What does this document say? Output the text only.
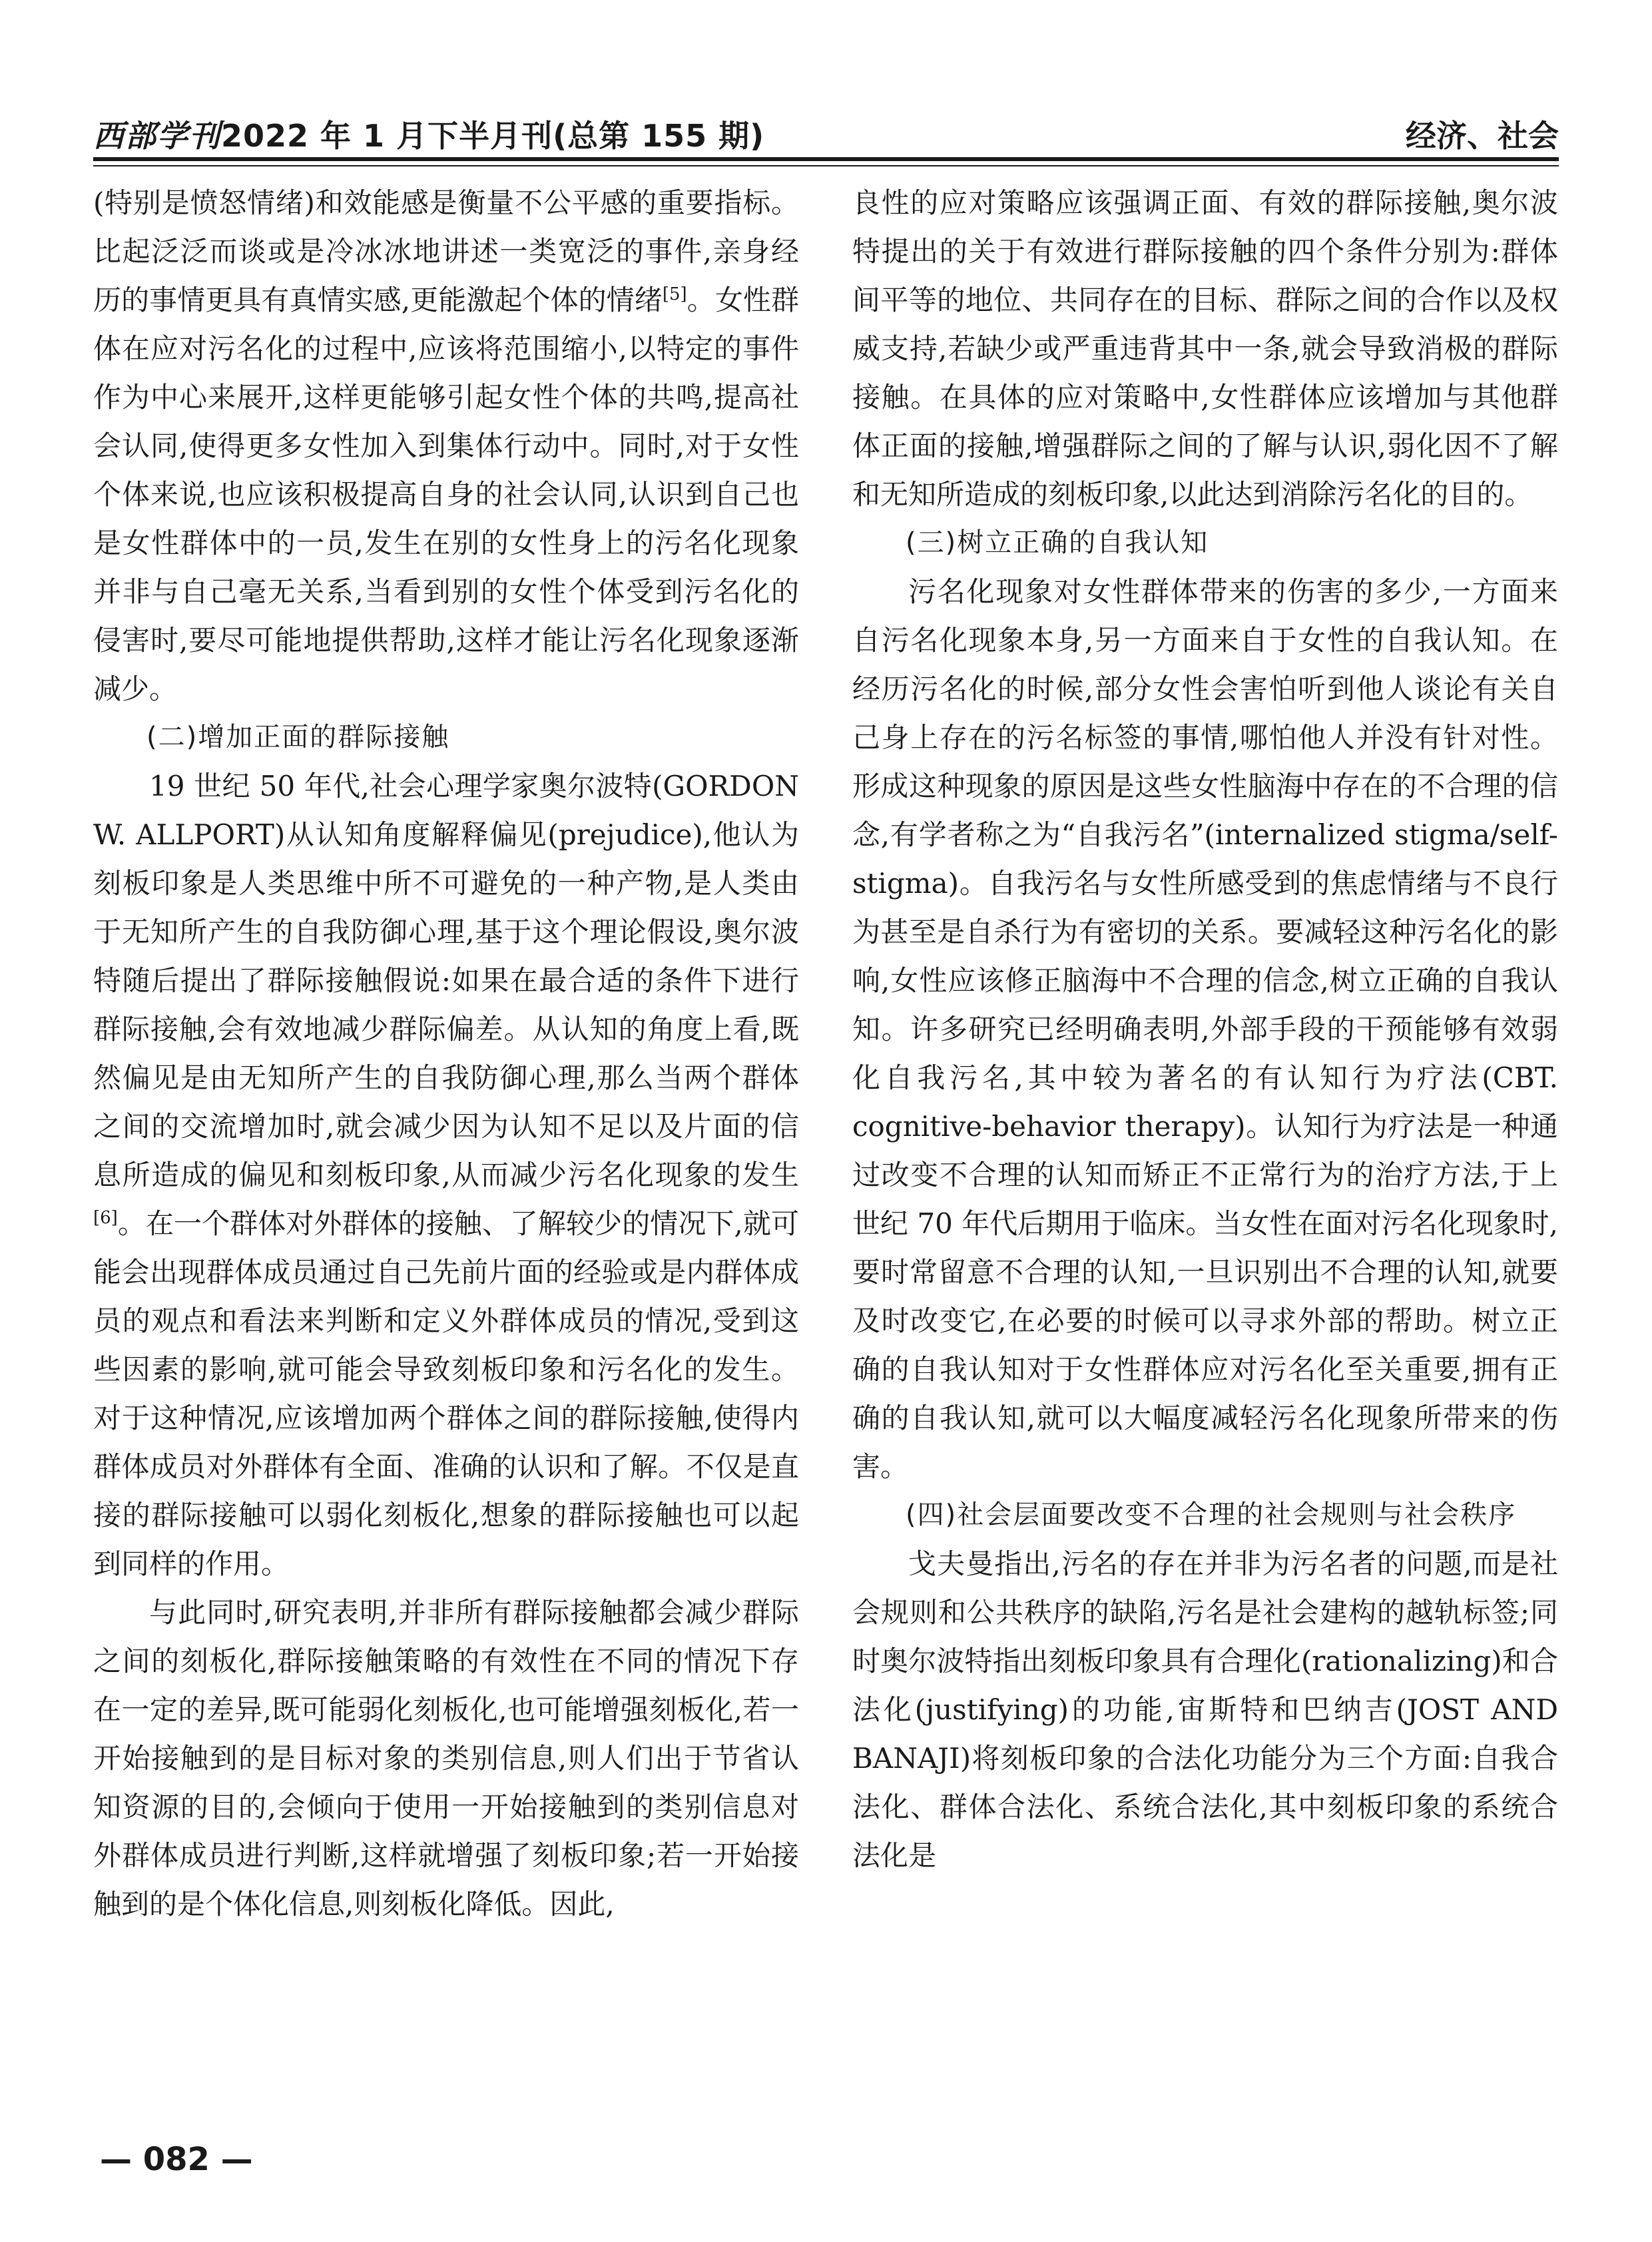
西部学刊2022 年 1 月下半月刊(总第 155 期)	经济、社会

(特别是愤怒情绪)和效能感是衡量不公平感的重要指标。比起泛泛而谈或是冷冰冰地讲述一类宽泛的事件,亲身经历的事情更具有真情实感,更能激起个体的情绪[5]。女性群体在应对污名化的过程中,应该将范围缩小,以特定的事件作为中心来展开,这样更能够引起女性个体的共鸣,提高社会认同,使得更多女性加入到集体行动中。同时,对于女性个体来说,也应该积极提高自身的社会认同,认识到自己也是女性群体中的一员,发生在别的女性身上的污名化现象并非与自己毫无关系,当看到别的女性个体受到污名化的侵害时,要尽可能地提供帮助,这样才能让污名化现象逐渐减少。

(二)增加正面的群际接触

19 世纪 50 年代,社会心理学家奥尔波特(GORDON W. ALLPORT)从认知角度解释偏见(prejudice),他认为刻板印象是人类思维中所不可避免的一种产物,是人类由于无知所产生的自我防御心理,基于这个理论假设,奥尔波特随后提出了群际接触假说:如果在最合适的条件下进行群际接触,会有效地减少群际偏差。从认知的角度上看,既然偏见是由无知所产生的自我防御心理,那么当两个群体之间的交流增加时,就会减少因为认知不足以及片面的信息所造成的偏见和刻板印象,从而减少污名化现象的发生[6]。在一个群体对外群体的接触、了解较少的情况下,就可能会出现群体成员通过自己先前片面的经验或是内群体成员的观点和看法来判断和定义外群体成员的情况,受到这些因素的影响,就可能会导致刻板印象和污名化的发生。对于这种情况,应该增加两个群体之间的群际接触,使得内群体成员对外群体有全面、准确的认识和了解。不仅是直接的群际接触可以弱化刻板化,想象的群际接触也可以起到同样的作用。

与此同时,研究表明,并非所有群际接触都会减少群际之间的刻板化,群际接触策略的有效性在不同的情况下存在一定的差异,既可能弱化刻板化,也可能增强刻板化,若一开始接触到的是目标对象的类别信息,则人们出于节省认知资源的目的,会倾向于使用一开始接触到的类别信息对外群体成员进行判断,这样就增强了刻板印象;若一开始接触到的是个体化信息,则刻板化降低。因此,

良性的应对策略应该强调正面、有效的群际接触,奥尔波特提出的关于有效进行群际接触的四个条件分别为:群体间平等的地位、共同存在的目标、群际之间的合作以及权威支持,若缺少或严重违背其中一条,就会导致消极的群际接触。在具体的应对策略中,女性群体应该增加与其他群体正面的接触,增强群际之间的了解与认识,弱化因不了解和无知所造成的刻板印象,以此达到消除污名化的目的。

(三)树立正确的自我认知

污名化现象对女性群体带来的伤害的多少,一方面来自污名化现象本身,另一方面来自于女性的自我认知。在经历污名化的时候,部分女性会害怕听到他人谈论有关自己身上存在的污名标签的事情,哪怕他人并没有针对性。形成这种现象的原因是这些女性脑海中存在的不合理的信念,有学者称之为“自我污名”(internalized stigma/self-stigma)。自我污名与女性所感受到的焦虑情绪与不良行为甚至是自杀行为有密切的关系。要减轻这种污名化的影响,女性应该修正脑海中不合理的信念,树立正确的自我认知。许多研究已经明确表明,外部手段的干预能够有效弱化自我污名,其中较为著名的有认知行为疗法(CBT. cognitive-behavior therapy)。认知行为疗法是一种通过改变不合理的认知而矫正不正常行为的治疗方法,于上世纪 70 年代后期用于临床。当女性在面对污名化现象时,要时常留意不合理的认知,一旦识别出不合理的认知,就要及时改变它,在必要的时候可以寻求外部的帮助。树立正确的自我认知对于女性群体应对污名化至关重要,拥有正确的自我认知,就可以大幅度减轻污名化现象所带来的伤害。

(四)社会层面要改变不合理的社会规则与社会秩序

戈夫曼指出,污名的存在并非为污名者的问题,而是社会规则和公共秩序的缺陷,污名是社会建构的越轨标签;同时奥尔波特指出刻板印象具有合理化(rationalizing)和合法化(justifying)的功能,宙斯特和巴纳吉(JOST AND BANAJI)将刻板印象的合法化功能分为三个方面:自我合法化、群体合法化、系统合法化,其中刻板印象的系统合法化是

— 082 —
